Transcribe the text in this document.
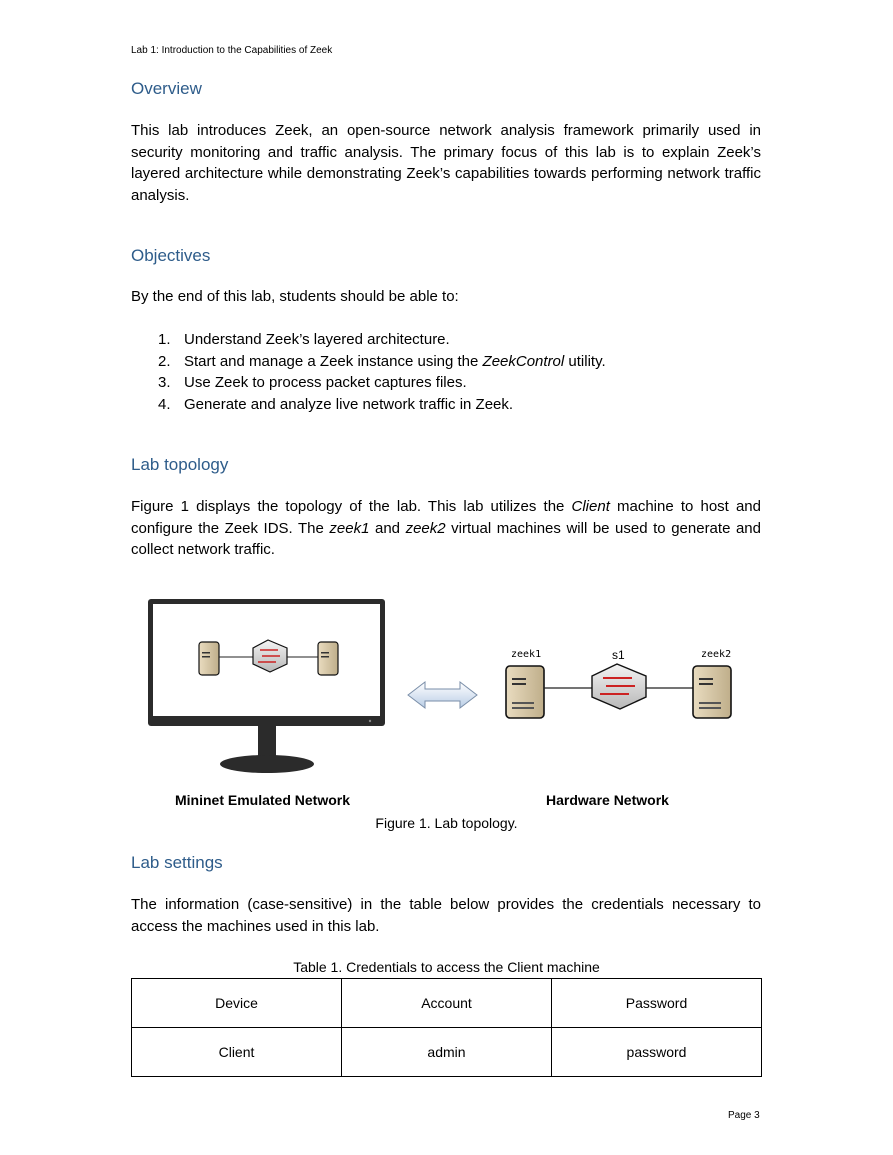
Lab 1: Introduction to the Capabilities of Zeek
Overview

This lab introduces Zeek, an open-source network analysis framework primarily used in security monitoring and traffic analysis. The primary focus of this lab is to explain Zeek’s layered architecture while demonstrating Zeek’s capabilities towards performing network traffic analysis.

Objectives

By the end of this lab, students should be able to:

1. Understand Zeek’s layered architecture.
2. Start and manage a Zeek instance using the ZeekControl utility.
3. Use Zeek to process packet captures files.
4. Generate and analyze live network traffic in Zeek.
Lab topology

Figure 1 displays the topology of the lab. This lab utilizes the Client machine to host and configure the Zeek IDS. The zeek1 and zeek2 virtual machines will be used to generate and collect network traffic.

zeek1	s1	zeek2
Mininet Emulated Network	Hardware Network
Figure 1. Lab topology.
Lab settings

The information (case-sensitive) in the table below provides the credentials necessary to access the machines used in this lab.

Table 1. Credentials to access the Client machine
Device	Account	Password
Client	admin	password
Page 3
